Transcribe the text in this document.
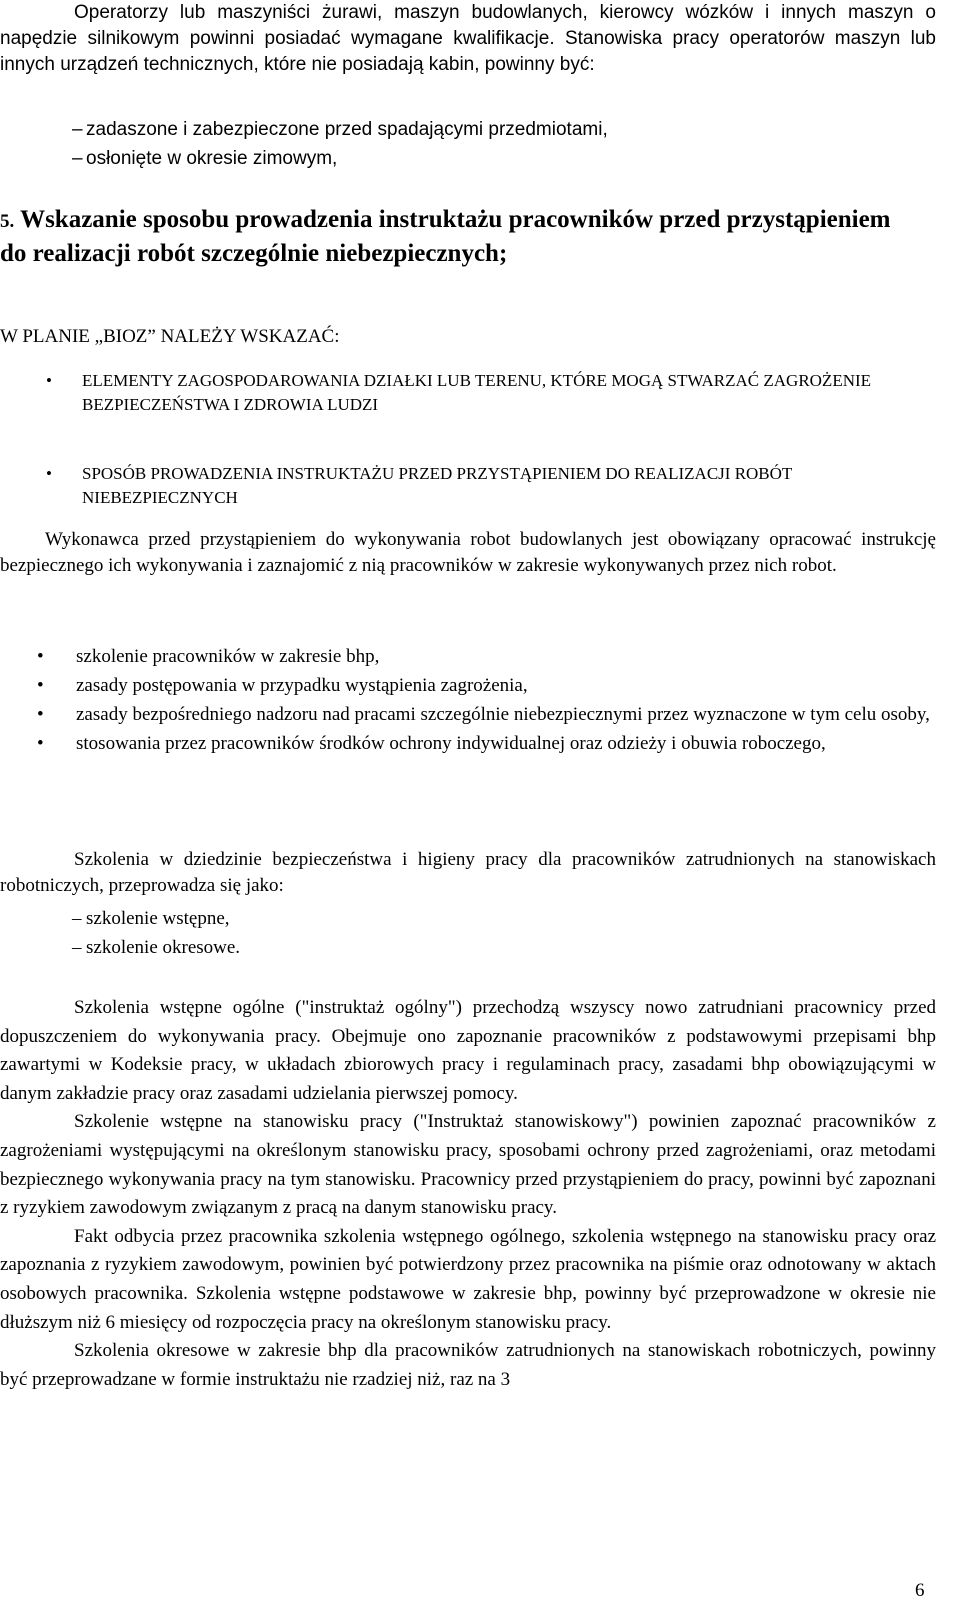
Operatorzy lub maszyniści żurawi, maszyn budowlanych, kierowcy wózków i innych maszyn o napędzie silnikowym powinni posiadać wymagane kwalifikacje. Stanowiska pracy operatorów maszyn lub innych urządzeń technicznych, które nie posiadają kabin, powinny być:

– zadaszone i zabezpieczone przed spadającymi przedmiotami,

– osłonięte w okresie zimowym,

5. Wskazanie sposobu prowadzenia instruktażu pracowników przed przystąpieniem do realizacji robót szczególnie niebezpiecznych;

W PLANIE „BIOZ” NALEŻY WSKAZAĆ:

• ELEMENTY ZAGOSPODAROWANIA DZIAŁKI LUB TERENU, KTÓRE MOGĄ STWARZAĆ ZAGROŻENIE BEZPIECZEŃSTWA I ZDROWIA LUDZI

• SPOSÓB PROWADZENIA INSTRUKTAŻU PRZED PRZYSTĄPIENIEM DO REALIZACJI ROBÓT NIEBEZPIECZNYCH

Wykonawca przed przystąpieniem do wykonywania robot budowlanych jest obowiązany opracować instrukcję bezpiecznego ich wykonywania i zaznajomić z nią pracowników w zakresie wykonywanych przez nich robot.

• szkolenie pracowników w zakresie bhp,
• zasady postępowania w przypadku wystąpienia zagrożenia,
• zasady bezpośredniego nadzoru nad pracami szczególnie niebezpiecznymi przez wyznaczone w tym celu osoby,
• stosowania przez pracowników środków ochrony indywidualnej oraz odzieży i obuwia roboczego,

Szkolenia w dziedzinie bezpieczeństwa i higieny pracy dla pracowników zatrudnionych na stanowiskach robotniczych, przeprowadza się jako:

– szkolenie wstępne,

– szkolenie okresowe.

Szkolenia wstępne ogólne ("instruktaż ogólny") przechodzą wszyscy nowo zatrudniani pracownicy przed dopuszczeniem do wykonywania pracy. Obejmuje ono zapoznanie pracowników z podstawowymi przepisami bhp zawartymi w Kodeksie pracy, w układach zbiorowych pracy i regulaminach pracy, zasadami bhp obowiązującymi w danym zakładzie pracy oraz zasadami udzielania pierwszej pomocy.

Szkolenie wstępne na stanowisku pracy ("Instruktaż stanowiskowy") powinien zapoznać pracowników z zagrożeniami występującymi na określonym stanowisku pracy, sposobami ochrony przed zagrożeniami, oraz metodami bezpiecznego wykonywania pracy na tym stanowisku. Pracownicy przed przystąpieniem do pracy, powinni być zapoznani z ryzykiem zawodowym związanym z pracą na danym stanowisku pracy.

Fakt odbycia przez pracownika szkolenia wstępnego ogólnego, szkolenia wstępnego na stanowisku pracy oraz zapoznania z ryzykiem zawodowym, powinien być potwierdzony przez pracownika na piśmie oraz odnotowany w aktach osobowych pracownika. Szkolenia wstępne podstawowe w zakresie bhp, powinny być przeprowadzone w okresie nie dłuższym niż 6 miesięcy od rozpoczęcia pracy na określonym stanowisku pracy.

Szkolenia okresowe w zakresie bhp dla pracowników zatrudnionych na stanowiskach robotniczych, powinny być przeprowadzane w formie instruktażu nie rzadziej niż, raz na 3

6
